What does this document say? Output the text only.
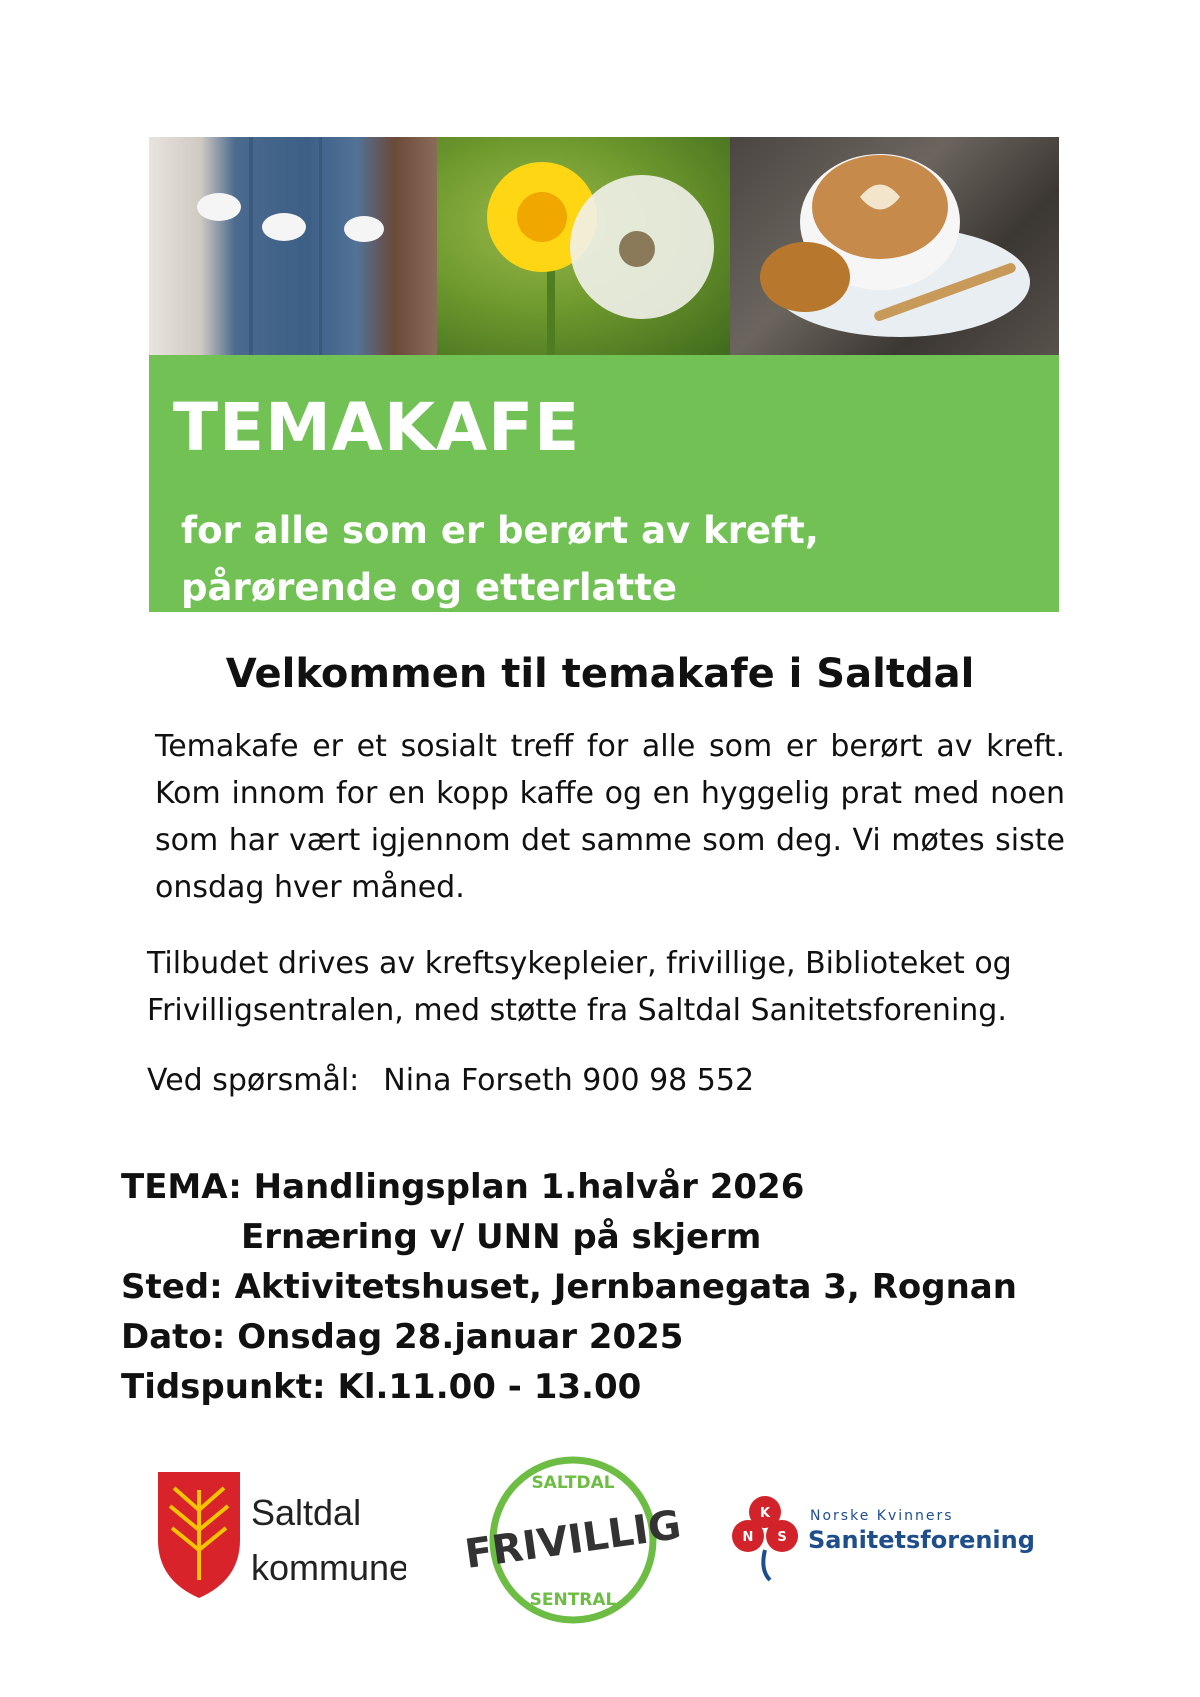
TEMAKAFE
for alle som er berørt av kreft,
pårørende og etterlatte
Velkommen til temakafe i Saltdal
Temakafe er et sosialt treff for alle som er berørt av kreft. Kom innom for en kopp kaffe og en hyggelig prat med noen som har vært igjennom det samme som deg. Vi møtes siste onsdag hver måned.
Tilbudet drives av kreftsykepleier, frivillige, Biblioteket og
Frivilligsentralen, med støtte fra Saltdal Sanitetsforening.
Ved spørsmål: Nina Forseth 900 98 552
TEMA: Handlingsplan 1.halvår 2026
Ernæring v/ UNN på skjerm
Sted: Aktivitetshuset, Jernbanegata 3, Rognan
Dato: Onsdag 28.januar 2025
Tidspunkt: Kl.11.00 - 13.00
Saltdal
kommune
SALTDAL
FRIVILLIG
SENTRAL
K
N S
Norske Kvinners
Sanitetsforening
